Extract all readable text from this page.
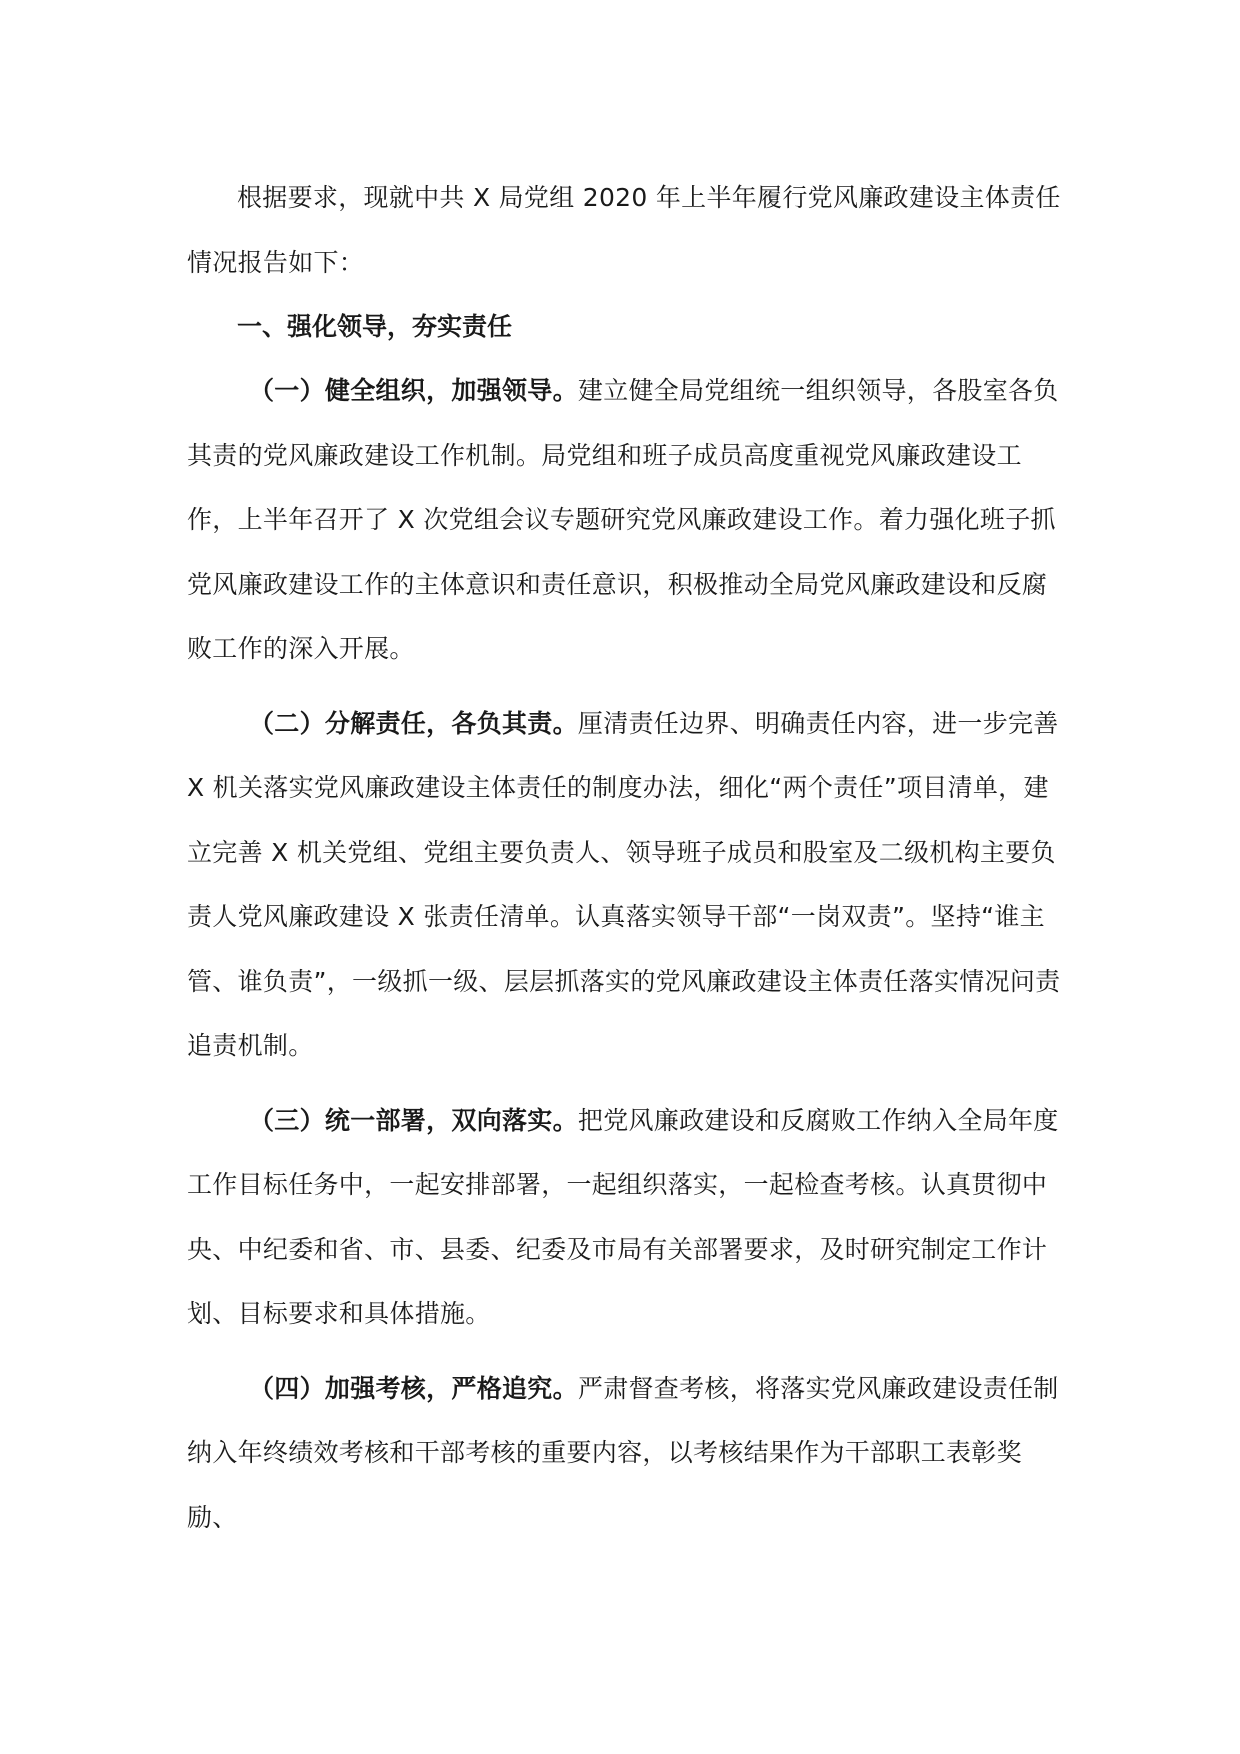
根据要求，现就中共 X 局党组 2020 年上半年履行党风廉政建设主体责任情况报告如下：

一、强化领导，夯实责任

（一）健全组织，加强领导。建立健全局党组统一组织领导，各股室各负其责的党风廉政建设工作机制。局党组和班子成员高度重视党风廉政建设工作，上半年召开了 X 次党组会议专题研究党风廉政建设工作。着力强化班子抓党风廉政建设工作的主体意识和责任意识，积极推动全局党风廉政建设和反腐败工作的深入开展。

（二）分解责任，各负其责。厘清责任边界、明确责任内容，进一步完善 X 机关落实党风廉政建设主体责任的制度办法，细化“两个责任”项目清单，建立完善 X 机关党组、党组主要负责人、领导班子成员和股室及二级机构主要负责人党风廉政建设 X 张责任清单。认真落实领导干部“一岗双责”。坚持“谁主管、谁负责”，一级抓一级、层层抓落实的党风廉政建设主体责任落实情况问责追责机制。

（三）统一部署，双向落实。把党风廉政建设和反腐败工作纳入全局年度工作目标任务中，一起安排部署，一起组织落实，一起检查考核。认真贯彻中央、中纪委和省、市、县委、纪委及市局有关部署要求，及时研究制定工作计划、目标要求和具体措施。

（四）加强考核，严格追究。严肃督查考核，将落实党风廉政建设责任制纳入年终绩效考核和干部考核的重要内容，以考核结果作为干部职工表彰奖励、
